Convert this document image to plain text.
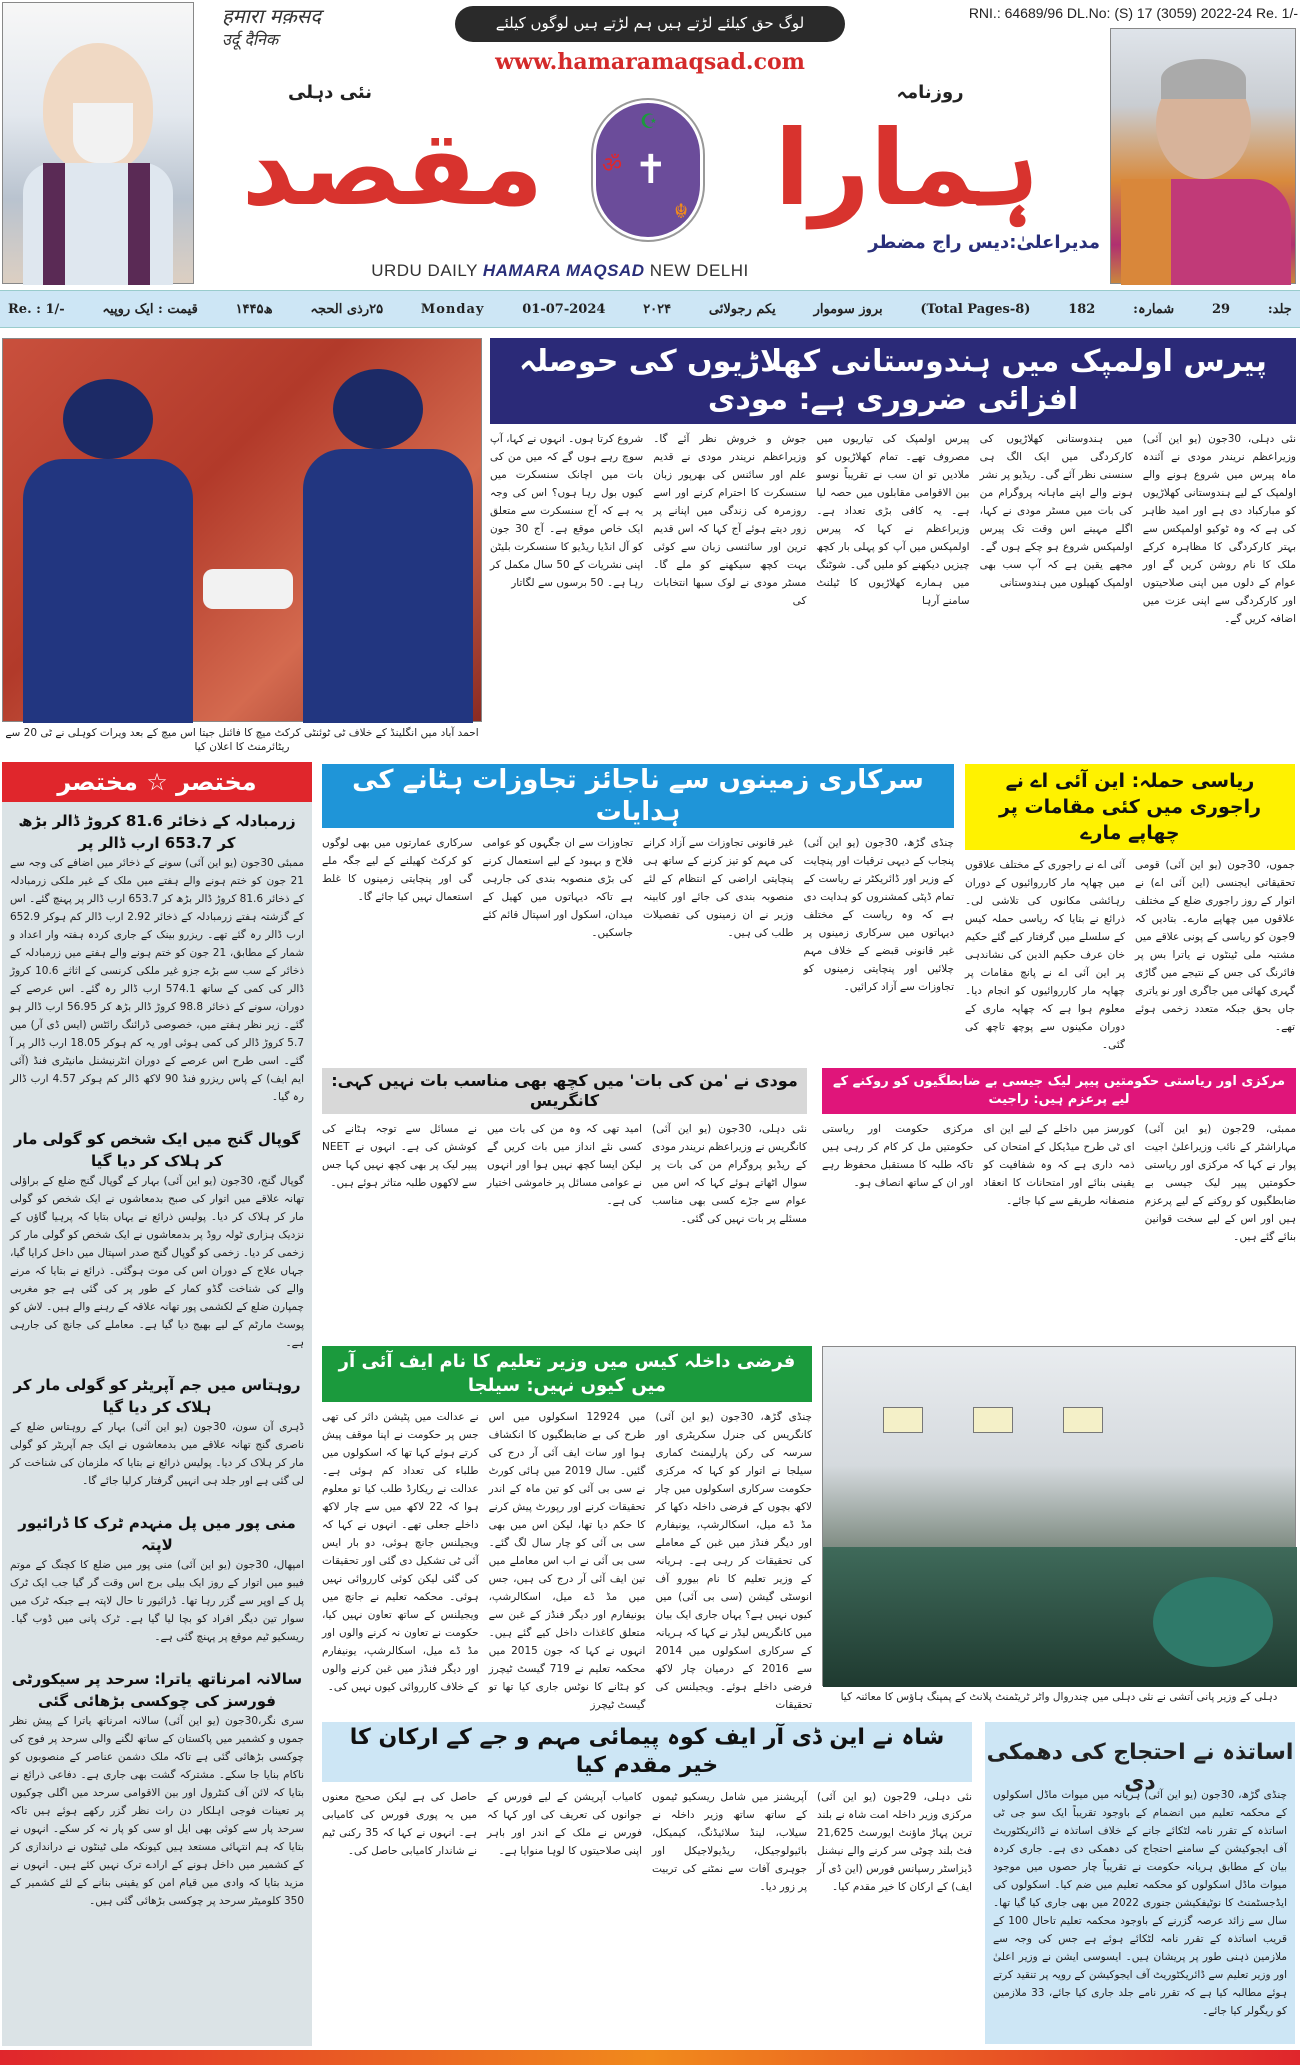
हमारा मक़सद
उर्दू दैनिक
لوگ حق کیلئے لڑتے ہیں ہم لڑتے ہیں لوگوں کیلئے
www.hamaramaqsad.com
RNI.: 64689/96 DL.No: (S) 17 (3059) 2022-24 Re. 1/-
نئی دہلی	روزنامہ
مقصد	ہمارا
ॐ
☪
✝
☬
مدیراعلیٰ:دیس راج مضطر
URDU DAILY HAMARA MAQSAD NEW DELHI
Re. : 1/-	قیمت : ایک روپیہ	۱۴۴۵ھ	۲۵رذی الحجہ	Monday	01-07-2024	۲۰۲۴	یکم رجولائی	بروز سوموار	(Total Pages-8)	182	شمارہ:	29	جلد:
احمد آباد میں انگلینڈ کے خلاف ٹی ٹوئنٹی کرکٹ میچ کا فائنل جیتا اس میچ کے بعد ویرات کوہلی نے ٹی 20 سے ریٹائرمنٹ کا اعلان کیا
پیرس اولمپک میں ہندوستانی کھلاڑیوں کی حوصلہ افزائی ضروری ہے: مودی
نئی دہلی، 30جون (یو این آئی) وزیراعظم نریندر مودی نے آئندہ ماہ پیرس میں شروع ہونے والے اولمپک کے لیے ہندوستانی کھلاڑیوں کو مبارکباد دی ہے اور امید ظاہر کی ہے کہ وہ ٹوکیو اولمپکس سے بہتر کارکردگی کا مظاہرہ کرکے ملک کا نام روشن کریں گے اور عوام کے دلوں میں اپنی صلاحیتوں اور کارکردگی سے اپنی عزت میں اضافہ کریں گے۔
میں ہندوستانی کھلاڑیوں کی کارکردگی میں ایک الگ ہی سنسنی نظر آئے گی۔ ریڈیو پر نشر ہونے والے اپنے ماہانہ پروگرام من کی بات میں مسٹر مودی نے کہا، اگلے مہینے اس وقت تک پیرس اولمپکس شروع ہو چکے ہوں گے۔ مجھے یقین ہے کہ آپ سب بھی اولمپک کھیلوں میں ہندوستانی
پیرس اولمپک کی تیاریوں میں مصروف تھے۔ تمام کھلاڑیوں کو ملادیں تو ان سب نے تقریباً نوسو بین الاقوامی مقابلوں میں حصہ لیا ہے۔ یہ کافی بڑی تعداد ہے۔ وزیراعظم نے کہا کہ پیرس اولمپکس میں آپ کو پہلی بار کچھ چیزیں دیکھنے کو ملیں گی۔ شوٹنگ میں ہمارے کھلاڑیوں کا ٹیلنٹ سامنے آرہا
جوش و خروش نظر آئے گا۔ وزیراعظم نریندر مودی نے قدیم علم اور سائنس کی بھرپور زبان سنسکرت کا احترام کرنے اور اسے روزمرہ کی زندگی میں اپنانے پر زور دیتے ہوئے آج کہا کہ اس قدیم ترین اور سائنسی زبان سے کوئی بہت کچھ سیکھنے کو ملے گا۔ مسٹر مودی نے لوک سبھا انتخابات کی
شروع کرتا ہوں۔ انہوں نے کہا، آپ سوچ رہے ہوں گے کہ میں من کی بات میں اچانک سنسکرت میں کیوں بول رہا ہوں؟ اس کی وجہ یہ ہے کہ آج سنسکرت سے متعلق ایک خاص موقع ہے۔ آج 30 جون کو آل انڈیا ریڈیو کا سنسکرت بلیٹن اپنی نشریات کے 50 سال مکمل کر رہا ہے۔ 50 برسوں سے لگاتار
مختصر ☆ مختصر
زرمبادلہ کے ذخائر 81.6 کروڑ ڈالر بڑھ کر 653.7 ارب ڈالر پر
ممبئی 30جون (یو این آئی) سونے کے ذخائر میں اضافے کی وجہ سے 21 جون کو ختم ہونے والے ہفتے میں ملک کے غیر ملکی زرمبادلہ کے ذخائر 81.6 کروڑ ڈالر بڑھ کر 653.7 ارب ڈالر پر پہنچ گئے۔ اس کے گزشتہ ہفتے زرمبادلہ کے ذخائر 2.92 ارب ڈالر کم ہوکر 652.9 ارب ڈالر رہ گئے تھے۔ ریزرو بینک کے جاری کردہ ہفتہ وار اعداد و شمار کے مطابق، 21 جون کو ختم ہونے والے ہفتے میں زرمبادلہ کے ذخائر کے سب سے بڑے جزو غیر ملکی کرنسی کے اثاثے 10.6 کروڑ ڈالر کی کمی کے ساتھ 574.1 ارب ڈالر رہ گئے۔ اس عرصے کے دوران، سونے کے ذخائر 98.8 کروڑ ڈالر بڑھ کر 56.95 ارب ڈالر ہو گئے۔ زیر نظر ہفتے میں، خصوصی ڈرائنگ رائٹس (ایس ڈی آر) میں 5.7 کروڑ ڈالر کی کمی ہوئی اور یہ کم ہوکر 18.05 ارب ڈالر پر آ گئے۔ اسی طرح اس عرصے کے دوران انٹرنیشنل مانیٹری فنڈ (آئی ایم ایف) کے پاس ریزرو فنڈ 90 لاکھ ڈالر کم ہوکر 4.57 ارب ڈالر رہ گیا۔
گوپال گنج میں ایک شخص کو گولی مار کر ہلاک کر دیا گیا
گوپال گنج، 30جون (یو این آئی) بہار کے گوپال گنج ضلع کے براؤلی تھانہ علاقے میں اتوار کی صبح بدمعاشوں نے ایک شخص کو گولی مار کر ہلاک کر دیا۔ پولیس ذرائع نے یہاں بتایا کہ پرہیا گاؤں کے نزدیک ہزاری ٹولہ روڈ پر بدمعاشوں نے ایک شخص کو گولی مار کر زخمی کر دیا۔ زخمی کو گوپال گنج صدر اسپتال میں داخل کرایا گیا، جہاں علاج کے دوران اس کی موت ہوگئی۔ ذرائع نے بتایا کہ مرنے والے کی شناخت گڈو کمار کے طور پر کی گئی ہے جو مغربی چمپارن ضلع کے لکشمی پور تھانہ علاقہ کے رہنے والے ہیں۔ لاش کو پوسٹ مارٹم کے لیے بھیج دیا گیا ہے۔ معاملے کی جانچ کی جارہی ہے۔
روہتاس میں جم آپریٹر کو گولی مار کر ہلاک کر دیا گیا
ڈہری آن سون، 30جون (یو این آئی) بہار کے روہتاس ضلع کے ناصری گنج تھانہ علاقے میں بدمعاشوں نے ایک جم آپریٹر کو گولی مار کر ہلاک کر دیا۔ پولیس ذرائع نے بتایا کہ ملزمان کی شناخت کر لی گئی ہے اور جلد ہی انہیں گرفتار کرلیا جائے گا۔
منی پور میں پل منہدم ٹرک کا ڈرائیور لاپتہ
امپھال، 30جون (یو این آئی) منی پور میں ضلع کا کچنگ کے موتم فیبو میں اتوار کے روز ایک بیلی برج اس وقت گر گیا جب ایک ٹرک پل کے اوپر سے گزر رہا تھا۔ ڈرائیور تا حال لاپتہ ہے جبکہ ٹرک میں سوار تین دیگر افراد کو بچا لیا گیا ہے۔ ٹرک پانی میں ڈوب گیا۔ ریسکیو ٹیم موقع پر پہنچ گئی ہے۔
سالانہ امرناتھ یاترا: سرحد پر سیکورٹی فورسز کی چوکسی بڑھائی گئی
سری نگر،30جون (یو این آئی) سالانہ امرناتھ یاترا کے پیش نظر جموں و کشمیر میں پاکستان کے ساتھ لگنے والی سرحد پر فوج کی چوکسی بڑھائی گئی ہے تاکہ ملک دشمن عناصر کے منصوبوں کو ناکام بنایا جا سکے۔ مشترکہ گشت بھی جاری ہے۔ دفاعی ذرائع نے بتایا کہ لائن آف کنٹرول اور بین الاقوامی سرحد میں اگلی چوکیوں پر تعینات فوجی اہلکار دن رات نظر گزر رکھے ہوئے ہیں تاکہ سرحد پار سے کوئی بھی ایل او سی کو پار نہ کر سکے۔ انہوں نے بتایا کہ ہم انتہائی مستعد ہیں کیونکہ ملی ٹینٹوں نے دراندازی کر کے کشمیر میں داخل ہونے کے ارادے ترک نہیں کئے ہیں۔ انہوں نے مزید بتایا کہ وادی میں قیام امن کو یقینی بنانے کے لئے کشمیر کے 350 کلومیٹر سرحد پر چوکسی بڑھائی گئی ہیں۔
سرکاری زمینوں سے ناجائز تجاوزات ہٹانے کی ہدایات
چنڈی گڑھ، 30جون (یو این آئی) پنجاب کے دیہی ترقیات اور پنچایت کے وزیر اور ڈائریکٹر نے ریاست کے تمام ڈپٹی کمشنروں کو ہدایت دی ہے کہ وہ ریاست کے مختلف دیہاتوں میں سرکاری زمینوں پر غیر قانونی قبضے کے خلاف مہم چلائیں اور پنچایتی زمینوں کو تجاوزات سے آزاد کرائیں۔
غیر قانونی تجاوزات سے آزاد کرانے کی مہم کو تیز کرنے کے ساتھ ہی پنچایتی اراضی کے انتظام کے لئے منصوبہ بندی کی جائے اور کابینہ وزیر نے ان زمینوں کی تفصیلات طلب کی ہیں۔
تجاوزات سے ان جگہوں کو عوامی فلاح و بہبود کے لیے استعمال کرنے کی بڑی منصوبہ بندی کی جارہی ہے تاکہ دیہاتوں میں کھیل کے میدان، اسکول اور اسپتال قائم کئے جاسکیں۔
سرکاری عمارتوں میں بھی لوگوں کو کرکٹ کھیلنے کے لیے جگہ ملے گی اور پنچایتی زمینوں کا غلط استعمال نہیں کیا جائے گا۔
ریاسی حملہ: این آئی اے نے راجوری میں کئی مقامات پر چھاپے مارے
جموں، 30جون (یو این آئی) قومی تحقیقاتی ایجنسی (این آئی اے) نے اتوار کے روز راجوری ضلع کے مختلف علاقوں میں چھاپے مارے۔ بتادیں کہ 9جون کو ریاسی کے پونی علاقے میں مشتبہ ملی ٹینٹوں نے یاترا بس پر فائرنگ کی جس کے نتیجے میں گاڑی گہری کھائی میں جاگری اور نو یاتری جاں بحق جبکہ متعدد زخمی ہوئے تھے۔
آئی اے نے راجوری کے مختلف علاقوں میں چھاپہ مار کارروائیوں کے دوران رہائشی مکانوں کی تلاشی لی۔ ذرائع نے بتایا کہ ریاسی حملہ کیس کے سلسلے میں گرفتار کیے گئے حکیم خان عرف حکیم الدین کی نشاندہی پر این آئی اے نے پانچ مقامات پر چھاپہ مار کارروائیوں کو انجام دیا۔ معلوم ہوا ہے کہ چھاپہ ماری کے دوران مکینوں سے پوچھ تاچھ کی گئی۔
مودی نے 'من کی بات' میں کچھ بھی مناسب بات نہیں کہی: کانگریس
نئی دہلی، 30جون (یو این آئی) کانگریس نے وزیراعظم نریندر مودی کے ریڈیو پروگرام من کی بات پر سوال اٹھاتے ہوئے کہا کہ اس میں عوام سے جڑے کسی بھی مناسب مسئلے پر بات نہیں کی گئی۔
امید تھی کہ وہ من کی بات میں کسی نئے انداز میں بات کریں گے لیکن ایسا کچھ نہیں ہوا اور انہوں نے عوامی مسائل پر خاموشی اختیار کی ہے۔
نے مسائل سے توجہ ہٹانے کی کوشش کی ہے۔ انہوں نے NEET پیپر لیک پر بھی کچھ نہیں کہا جس سے لاکھوں طلبہ متاثر ہوئے ہیں۔
مرکزی اور ریاستی حکومتیں پیپر لیک جیسی بے ضابطگیوں کو روکنے کے لیے پرعزم ہیں: راجیت
ممبئی، 29جون (یو این آئی) مہاراشٹر کے نائب وزیراعلیٰ اجیت پوار نے کہا کہ مرکزی اور ریاستی حکومتیں پیپر لیک جیسی بے ضابطگیوں کو روکنے کے لیے پرعزم ہیں اور اس کے لیے سخت قوانین بنائے گئے ہیں۔
کورسز میں داخلے کے لیے این ای ای ٹی طرح میڈیکل کے امتحان کی ذمہ داری ہے کہ وہ شفافیت کو یقینی بنائے اور امتحانات کا انعقاد منصفانہ طریقے سے کیا جائے۔
مرکزی حکومت اور ریاستی حکومتیں مل کر کام کر رہی ہیں تاکہ طلبہ کا مستقبل محفوظ رہے اور ان کے ساتھ انصاف ہو۔
فرضی داخلہ کیس میں وزیر تعلیم کا نام ایف آئی آر میں کیوں نہیں: سیلجا
چنڈی گڑھ، 30جون (یو این آئی) کانگریس کی جنرل سکریٹری اور سرسہ کی رکن پارلیمنٹ کماری سیلجا نے اتوار کو کہا کہ مرکزی حکومت سرکاری اسکولوں میں چار لاکھ بچوں کے فرضی داخلہ دکھا کر مڈ ڈے میل، اسکالرشپ، یونیفارم اور دیگر فنڈز میں غبن کے معاملے کی تحقیقات کر رہی ہے۔ ہریانہ کے وزیر تعلیم کا نام بیورو آف انوسٹی گیشن (سی بی آئی) میں کیوں نہیں ہے؟ یہاں جاری ایک بیان میں کانگریس لیڈر نے کہا کہ ہریانہ کے سرکاری اسکولوں میں 2014 سے 2016 کے درمیان چار لاکھ فرضی داخلے ہوئے۔ ویجیلنس کی تحقیقات
میں 12924 اسکولوں میں اس طرح کی بے ضابطگیوں کا انکشاف ہوا اور سات ایف آئی آر درج کی گئیں۔ سال 2019 میں ہائی کورٹ نے سی بی آئی کو تین ماہ کے اندر تحقیقات کرنے اور رپورٹ پیش کرنے کا حکم دیا تھا، لیکن اس میں بھی سی بی آئی کو چار سال لگ گئے۔ سی بی آئی نے اب اس معاملے میں تین ایف آئی آر درج کی ہیں، جس میں مڈ ڈے میل، اسکالرشپ، یونیفارم اور دیگر فنڈز کے غبن سے متعلق کاغذات داخل کیے گئے ہیں۔ انہوں نے کہا کہ جون 2015 میں محکمہ تعلیم نے 719 گیسٹ ٹیچرز کو ہٹانے کا نوٹس جاری کیا تھا تو گیسٹ ٹیچرز
نے عدالت میں پٹیشن دائر کی تھی جس پر حکومت نے اپنا موقف پیش کرتے ہوئے کہا تھا کہ اسکولوں میں طلباء کی تعداد کم ہوئی ہے۔ عدالت نے ریکارڈ طلب کیا تو معلوم ہوا کہ 22 لاکھ میں سے چار لاکھ داخلے جعلی تھے۔ انہوں نے کہا کہ ویجیلنس جانچ ہوئی، دو بار ایس آئی ٹی تشکیل دی گئی اور تحقیقات کی گئی لیکن کوئی کارروائی نہیں ہوئی۔ محکمہ تعلیم نے جانچ میں ویجیلنس کے ساتھ تعاون نہیں کیا، حکومت نے تعاون نہ کرنے والوں اور مڈ ڈے میل، اسکالرشپ، یونیفارم اور دیگر فنڈز میں غبن کرنے والوں کے خلاف کارروائی کیوں نہیں کی۔
دہلی کے وزیر پانی آتشی نے نئی دہلی میں چندروال واٹر ٹریٹمنٹ پلانٹ کے پمپنگ ہاؤس کا معائنہ کیا
شاہ نے این ڈی آر ایف کوہ پیمائی مہم و جے کے ارکان کا خیر مقدم کیا
نئی دہلی، 29جون (یو این آئی) مرکزی وزیر داخلہ امت شاہ نے بلند ترین پہاڑ ماؤنٹ ایورسٹ 21,625 فٹ بلند چوٹی سر کرنے والے نیشنل ڈیزاسٹر رسپانس فورس (این ڈی آر ایف) کے ارکان کا خیر مقدم کیا۔
آپریشنز میں شامل ریسکیو ٹیموں کے ساتھ ساتھ وزیر داخلہ نے سیلاب، لینڈ سلائیڈنگ، کیمیکل، بائیولوجیکل، ریڈیولاجیکل اور جوہری آفات سے نمٹنے کی تربیت پر زور دیا۔
کامیاب آپریشن کے لیے فورس کے جوانوں کی تعریف کی اور کہا کہ فورس نے ملک کے اندر اور باہر اپنی صلاحیتوں کا لوہا منوایا ہے۔
حاصل کی ہے لیکن صحیح معنوں میں یہ پوری فورس کی کامیابی ہے۔ انہوں نے کہا کہ 35 رکنی ٹیم نے شاندار کامیابی حاصل کی۔
اساتذہ نے احتجاج کی دھمکی دی
چنڈی گڑھ، 30جون (یو این آئی) ہریانہ میں میوات ماڈل اسکولوں کے محکمہ تعلیم میں انضمام کے باوجود تقریباً ایک سو جی ٹی اساتذہ کے تقرر نامہ لٹکائے جانے کے خلاف اساتذہ نے ڈائریکٹوریٹ آف ایجوکیشن کے سامنے احتجاج کی دھمکی دی ہے۔ جاری کردہ بیان کے مطابق ہریانہ حکومت نے تقریباً چار حصوں میں موجود میوات ماڈل اسکولوں کو محکمہ تعلیم میں ضم کیا۔ اسکولوں کی ایڈجسٹمنٹ کا نوٹیفکیشن جنوری 2022 میں بھی جاری کیا گیا تھا۔ سال سے زائد عرصہ گزرنے کے باوجود محکمہ تعلیم تاحال 100 کے قریب اساتذہ کے تقرر نامہ لٹکائے ہوئے ہے جس کی وجہ سے ملازمین ذہنی طور پر پریشان ہیں۔ ایسوسی ایشن نے وزیر اعلیٰ اور وزیر تعلیم سے ڈائریکٹوریٹ آف ایجوکیشن کے رویہ پر تنقید کرتے ہوئے مطالبہ کیا ہے کہ تقرر نامے جلد جاری کیا جائے، 33 ملازمین کو ریگولر کیا جائے۔
